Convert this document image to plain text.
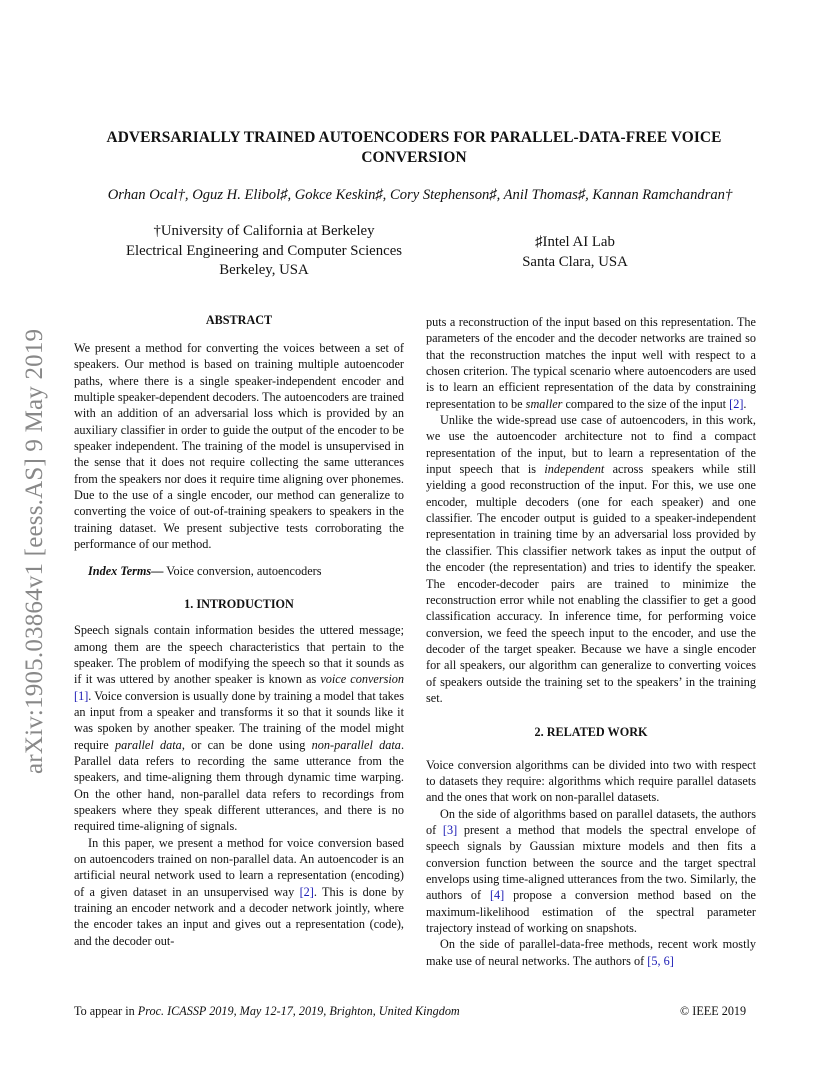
arXiv:1905.03864v1 [eess.AS] 9 May 2019
ADVERSARIALLY TRAINED AUTOENCODERS FOR PARALLEL-DATA-FREE VOICE
CONVERSION
Orhan Ocal†, Oguz H. Elibol♯, Gokce Keskin♯, Cory Stephenson♯, Anil Thomas♯, Kannan Ramchandran†
†University of California at Berkeley
Electrical Engineering and Computer Sciences
Berkeley, USA
♯Intel AI Lab
Santa Clara, USA
ABSTRACT

We present a method for converting the voices between a set of speakers. Our method is based on training multiple autoencoder paths, where there is a single speaker-independent encoder and multiple speaker-dependent decoders. The autoencoders are trained with an addition of an adversarial loss which is provided by an auxiliary classifier in order to guide the output of the encoder to be speaker independent. The training of the model is unsupervised in the sense that it does not require collecting the same utterances from the speakers nor does it require time aligning over phonemes. Due to the use of a single encoder, our method can generalize to converting the voice of out-of-training speakers to speakers in the training dataset. We present subjective tests corroborating the performance of our method.

Index Terms— Voice conversion, autoencoders

1. INTRODUCTION

Speech signals contain information besides the uttered message; among them are the speech characteristics that pertain to the speaker. The problem of modifying the speech so that it sounds as if it was uttered by another speaker is known as voice conversion [1]. Voice conversion is usually done by training a model that takes an input from a speaker and transforms it so that it sounds like it was spoken by another speaker. The training of the model might require parallel data, or can be done using non-parallel data. Parallel data refers to recording the same utterance from the speakers, and time-aligning them through dynamic time warping. On the other hand, non-parallel data refers to recordings from speakers where they speak different utterances, and there is no required time-aligning of signals.

In this paper, we present a method for voice conversion based on autoencoders trained on non-parallel data. An autoencoder is an artificial neural network used to learn a representation (encoding) of a given dataset in an unsupervised way [2]. This is done by training an encoder network and a decoder network jointly, where the encoder takes an input and gives out a representation (code), and the decoder out-

puts a reconstruction of the input based on this representation. The parameters of the encoder and the decoder networks are trained so that the reconstruction matches the input well with respect to a chosen criterion. The typical scenario where autoencoders are used is to learn an efficient representation of the data by constraining representation to be smaller compared to the size of the input [2].

Unlike the wide-spread use case of autoencoders, in this work, we use the autoencoder architecture not to find a compact representation of the input, but to learn a representation of the input speech that is independent across speakers while still yielding a good reconstruction of the input. For this, we use one encoder, multiple decoders (one for each speaker) and one classifier. The encoder output is guided to a speaker-independent representation in training time by an adversarial loss provided by the classifier. This classifier network takes as input the output of the encoder (the representation) and tries to identify the speaker. The encoder-decoder pairs are trained to minimize the reconstruction error while not enabling the classifier to get a good classification accuracy. In inference time, for performing voice conversion, we feed the speech input to the encoder, and use the decoder of the target speaker. Because we have a single encoder for all speakers, our algorithm can generalize to converting voices of speakers outside the training set to the speakers’ in the training set.

2. RELATED WORK

Voice conversion algorithms can be divided into two with respect to datasets they require: algorithms which require parallel datasets and the ones that work on non-parallel datasets.

On the side of algorithms based on parallel datasets, the authors of [3] present a method that models the spectral envelope of speech signals by Gaussian mixture models and then fits a conversion function between the source and the target spectral envelops using time-aligned utterances from the two. Similarly, the authors of [4] propose a conversion method based on the maximum-likelihood estimation of the spectral parameter trajectory instead of working on snapshots.

On the side of parallel-data-free methods, recent work mostly make use of neural networks. The authors of [5, 6]

To appear in Proc. ICASSP 2019, May 12-17, 2019, Brighton, United Kingdom	© IEEE 2019
